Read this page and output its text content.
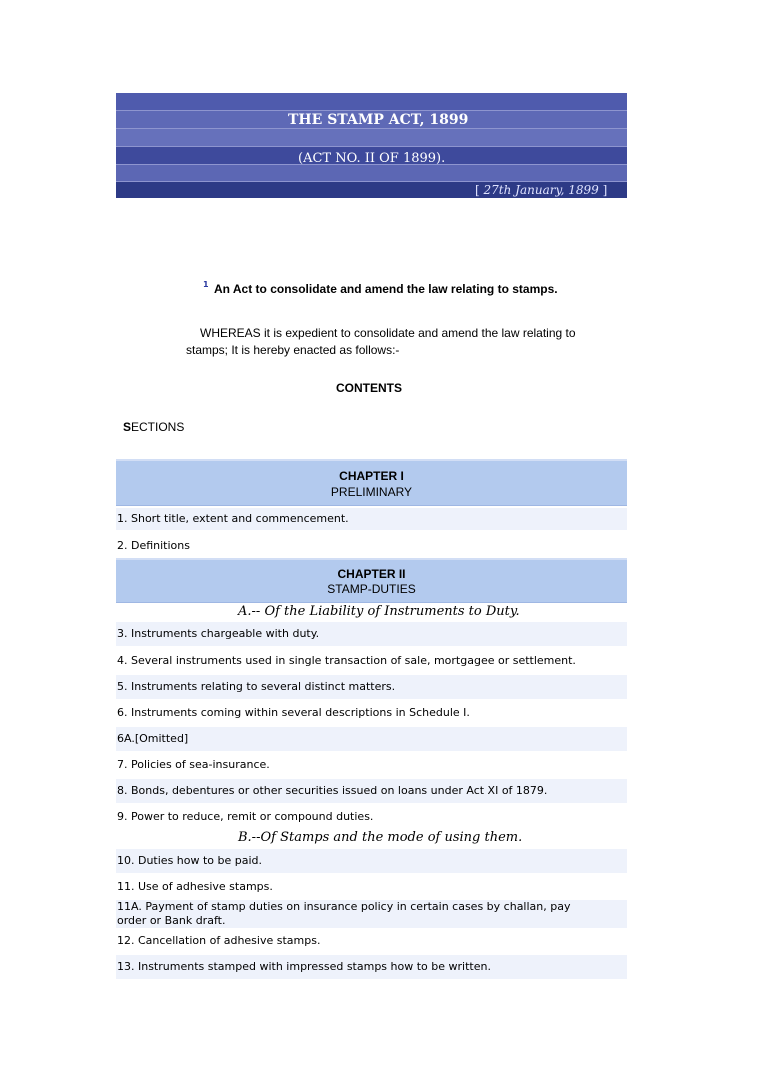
THE STAMP ACT, 1899
(ACT NO. II OF 1899).
[ 27th January, 1899 ]
1 An Act to consolidate and amend the law relating to stamps.
WHEREAS it is expedient to consolidate and amend the law relating to
stamps; It is hereby enacted as follows:-
CONTENTS
SECTIONS
CHAPTER I
PRELIMINARY
1. Short title, extent and commencement.
2. Definitions
CHAPTER II
STAMP-DUTIES
A.-- Of the Liability of Instruments to Duty.
3. Instruments chargeable with duty.
4. Several instruments used in single transaction of sale, mortgagee or settlement.
5. Instruments relating to several distinct matters.
6. Instruments coming within several descriptions in Schedule I.
6A.[Omitted]
7. Policies of sea-insurance.
8. Bonds, debentures or other securities issued on loans under Act XI of 1879.
9. Power to reduce, remit or compound duties.
B.--Of Stamps and the mode of using them.
10. Duties how to be paid.
11. Use of adhesive stamps.
11A. Payment of stamp duties on insurance policy in certain cases by challan, pay
order or Bank draft.
12. Cancellation of adhesive stamps.
13. Instruments stamped with impressed stamps how to be written.
